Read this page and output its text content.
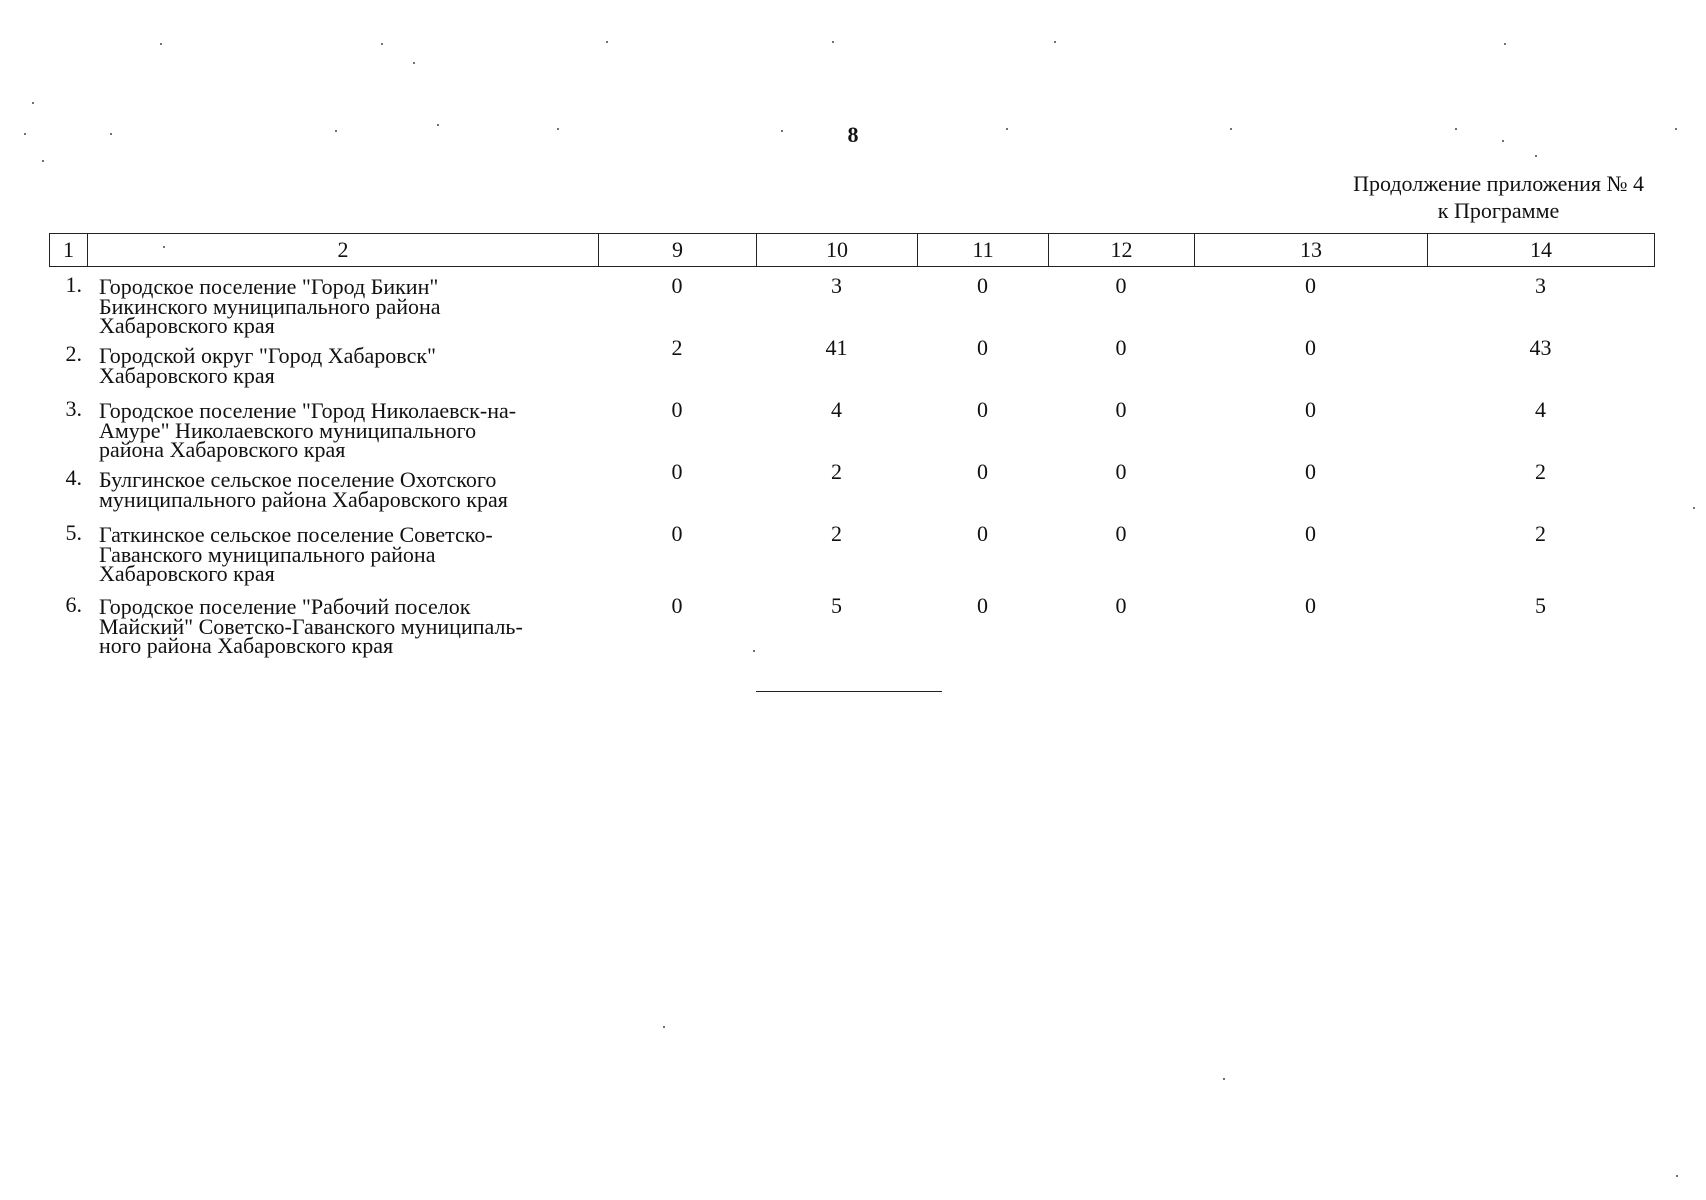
8
Продолжение приложения № 4
к Программе
1	2	9	10	11	12	13	14
1. Городское поселение "Город Бикин"
Бикинского муниципального района
Хабаровского края
0	3	0	0	0	3
2. Городской округ "Город Хабаровск"
Хабаровского края
2	41	0	0	0	43
3. Городское поселение "Город Николаевск-на-
Амуре" Николаевского муниципального
района Хабаровского края
0	4	0	0	0	4
4. Булгинское сельское поселение Охотского
муниципального района Хабаровского края
0	2	0	0	0	2
5. Гаткинское сельское поселение Советско-
Гаванского муниципального района
Хабаровского края
0	2	0	0	0	2
6. Городское поселение "Рабочий поселок
Майский" Советско-Гаванского муниципаль-
ного района Хабаровского края
0	5	0	0	0	5
